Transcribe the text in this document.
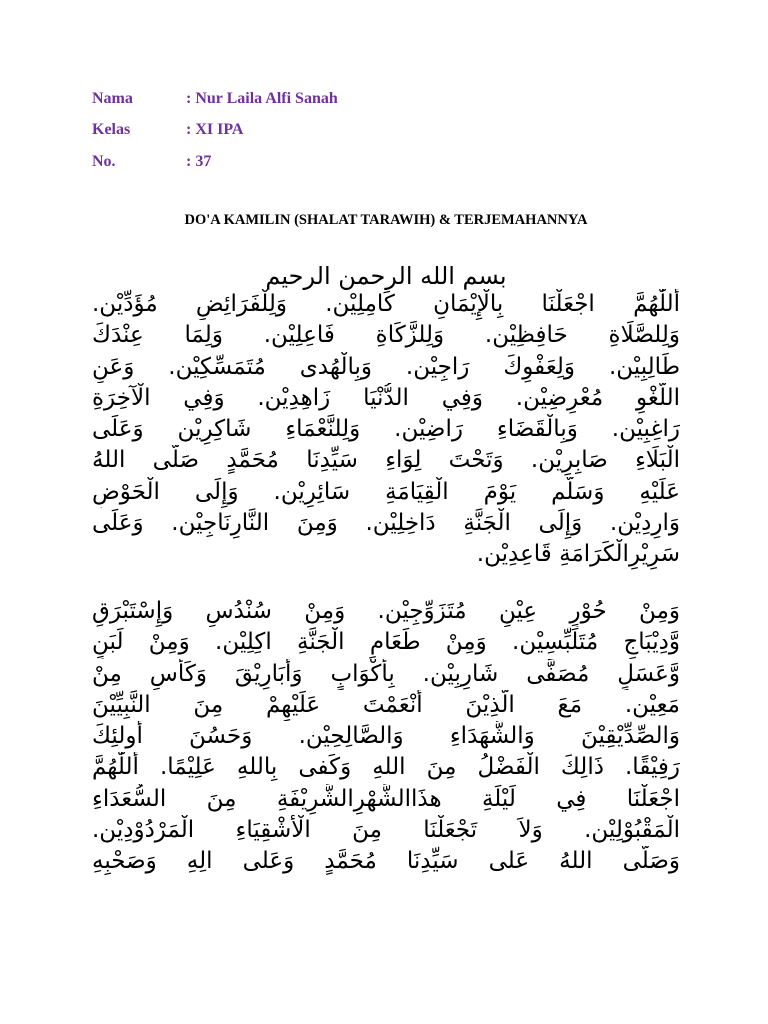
Nama	: Nur Laila Alfi Sanah
Kelas	: XI IPA
No.	: 37
DO'A KAMILIN (SHALAT TARAWIH) & TERJEMAHANNYA
بسم الله الرحمن الرحيم
أَللّٰهُمَّ اجْعَلْنَا بِالْإِيْمَانِ كَامِلِيْن. وَلِلْفَرَائِضِ مُؤَدِّيْن.
وَلِلصَّلَاةِ حَافِظِيْن. وَلِلزَّكَاةِ فَاعِلِيْن. وَلِمَا عِنْدَكَ
طَالِبِيْن. وَلِعَفْوِكَ رَاجِيْن. وَبِالْهُدى مُتَمَسِّكِيْن. وَعَنِ
اللَّغْوِ مُعْرِضِيْن. وَفِي الدُّنْيَا زَاهِدِيْن. وَفِي الْآخِرَةِ
رَاغِبِيْن. وَبِالْقَضَاءِ رَاضِيْن. وَلِلنَّعْمَاءِ شَاكِرِيْن وَعَلَى
الْبَلَاءِ صَابِرِيْن. وَتَحْتَ لِوَاءِ سَيِّدِنَا مُحَمَّدٍ صَلَّى اللهُ
عَلَيْهِ وَسَلَّم يَوْمَ الْقِيَامَةِ سَائِرِيْن. وَإِلَى الْحَوْضِ
وَارِدِيْن. وَإِلَى الْجَنَّةِ دَاخِلِيْن. وَمِنَ النَّارِنَاجِيْن. وَعَلَى
سَرِيْرِالْكَرَامَةِ قَاعِدِيْن.
وَمِنْ حُوْرٍ عِيْنٍ مُتَزَوِّجِيْن. وَمِنْ سُنْدُسٍ وَإِسْتَبْرَقٍ
وَّدِيْبَاجٍ مُتَلَبِّسِيْن. وَمِنْ طَعَامِ الْجَنَّةِ اكِلِيْن. وَمِنْ لَبَنٍ
وَّعَسَلٍ مُصَفًّى شَارِبِيْن. بِأَكْوَابٍ وَأَبَارِيْقَ وَكَأْسٍ مِنْ
مَعِيْن. مَعَ الَّذِيْنَ أَنْعَمْتَ عَلَيْهِمْ مِنَ النَّبِيِّيْنَ
وَالصِّدِّيْقِيْنَ وَالشُّهَدَاءِ وَالصَّالِحِيْن. وَحَسُنَ أُولئِكَ
رَفِيْقًا. ذَالِكَ الْفَضْلُ مِنَ اللهِ وَكَفى بِاللهِ عَلِيْمًا. أَللّٰهُمَّ
اجْعَلْنَا فِي لَيْلَةِ هذَاالشَّهْرِالشَّرِيْفَةِ مِنَ السُّعَدَاءِ
الْمَقْبُوْلِيْن. وَلاَ تَجْعَلْنَا مِنَ الْأَشْقِيَاءِ الْمَرْدُوْدِيْن.
وَصَلَّى اللهُ عَلى سَيِّدِنَا مُحَمَّدٍ وَعَلى الِهِ وَصَحْبِهِ
